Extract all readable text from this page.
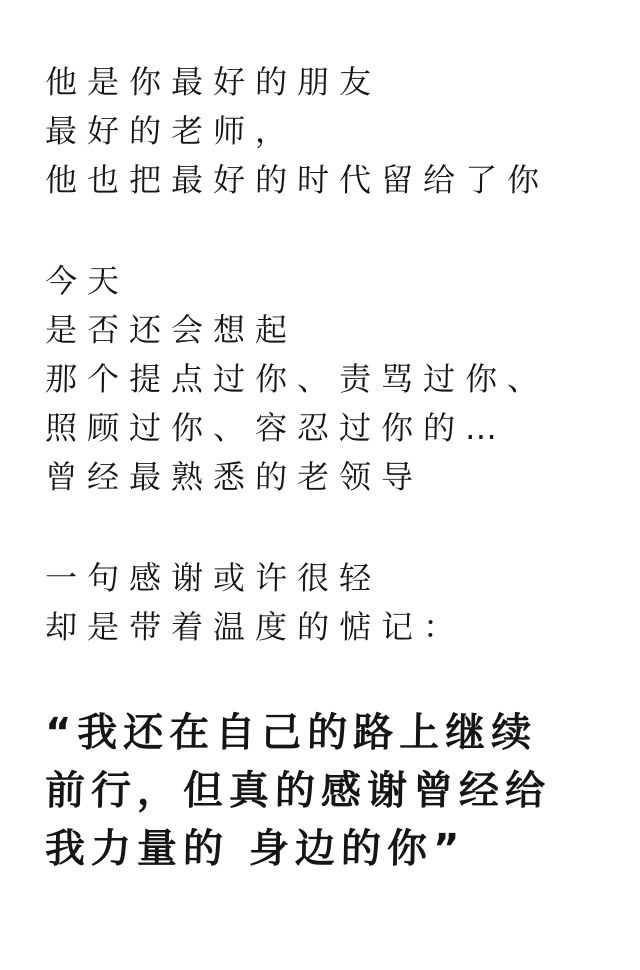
他是你最好的朋友
最好的老师，
他也把最好的时代留给了你
今天
是否还会想起
那个提点过你、责骂过你、
照顾过你、容忍过你的…
曾经最熟悉的老领导
一句感谢或许很轻
却是带着温度的惦记：
“我还在自己的路上继续
前行，但真的感谢曾经给
我力量的 身边的你”
